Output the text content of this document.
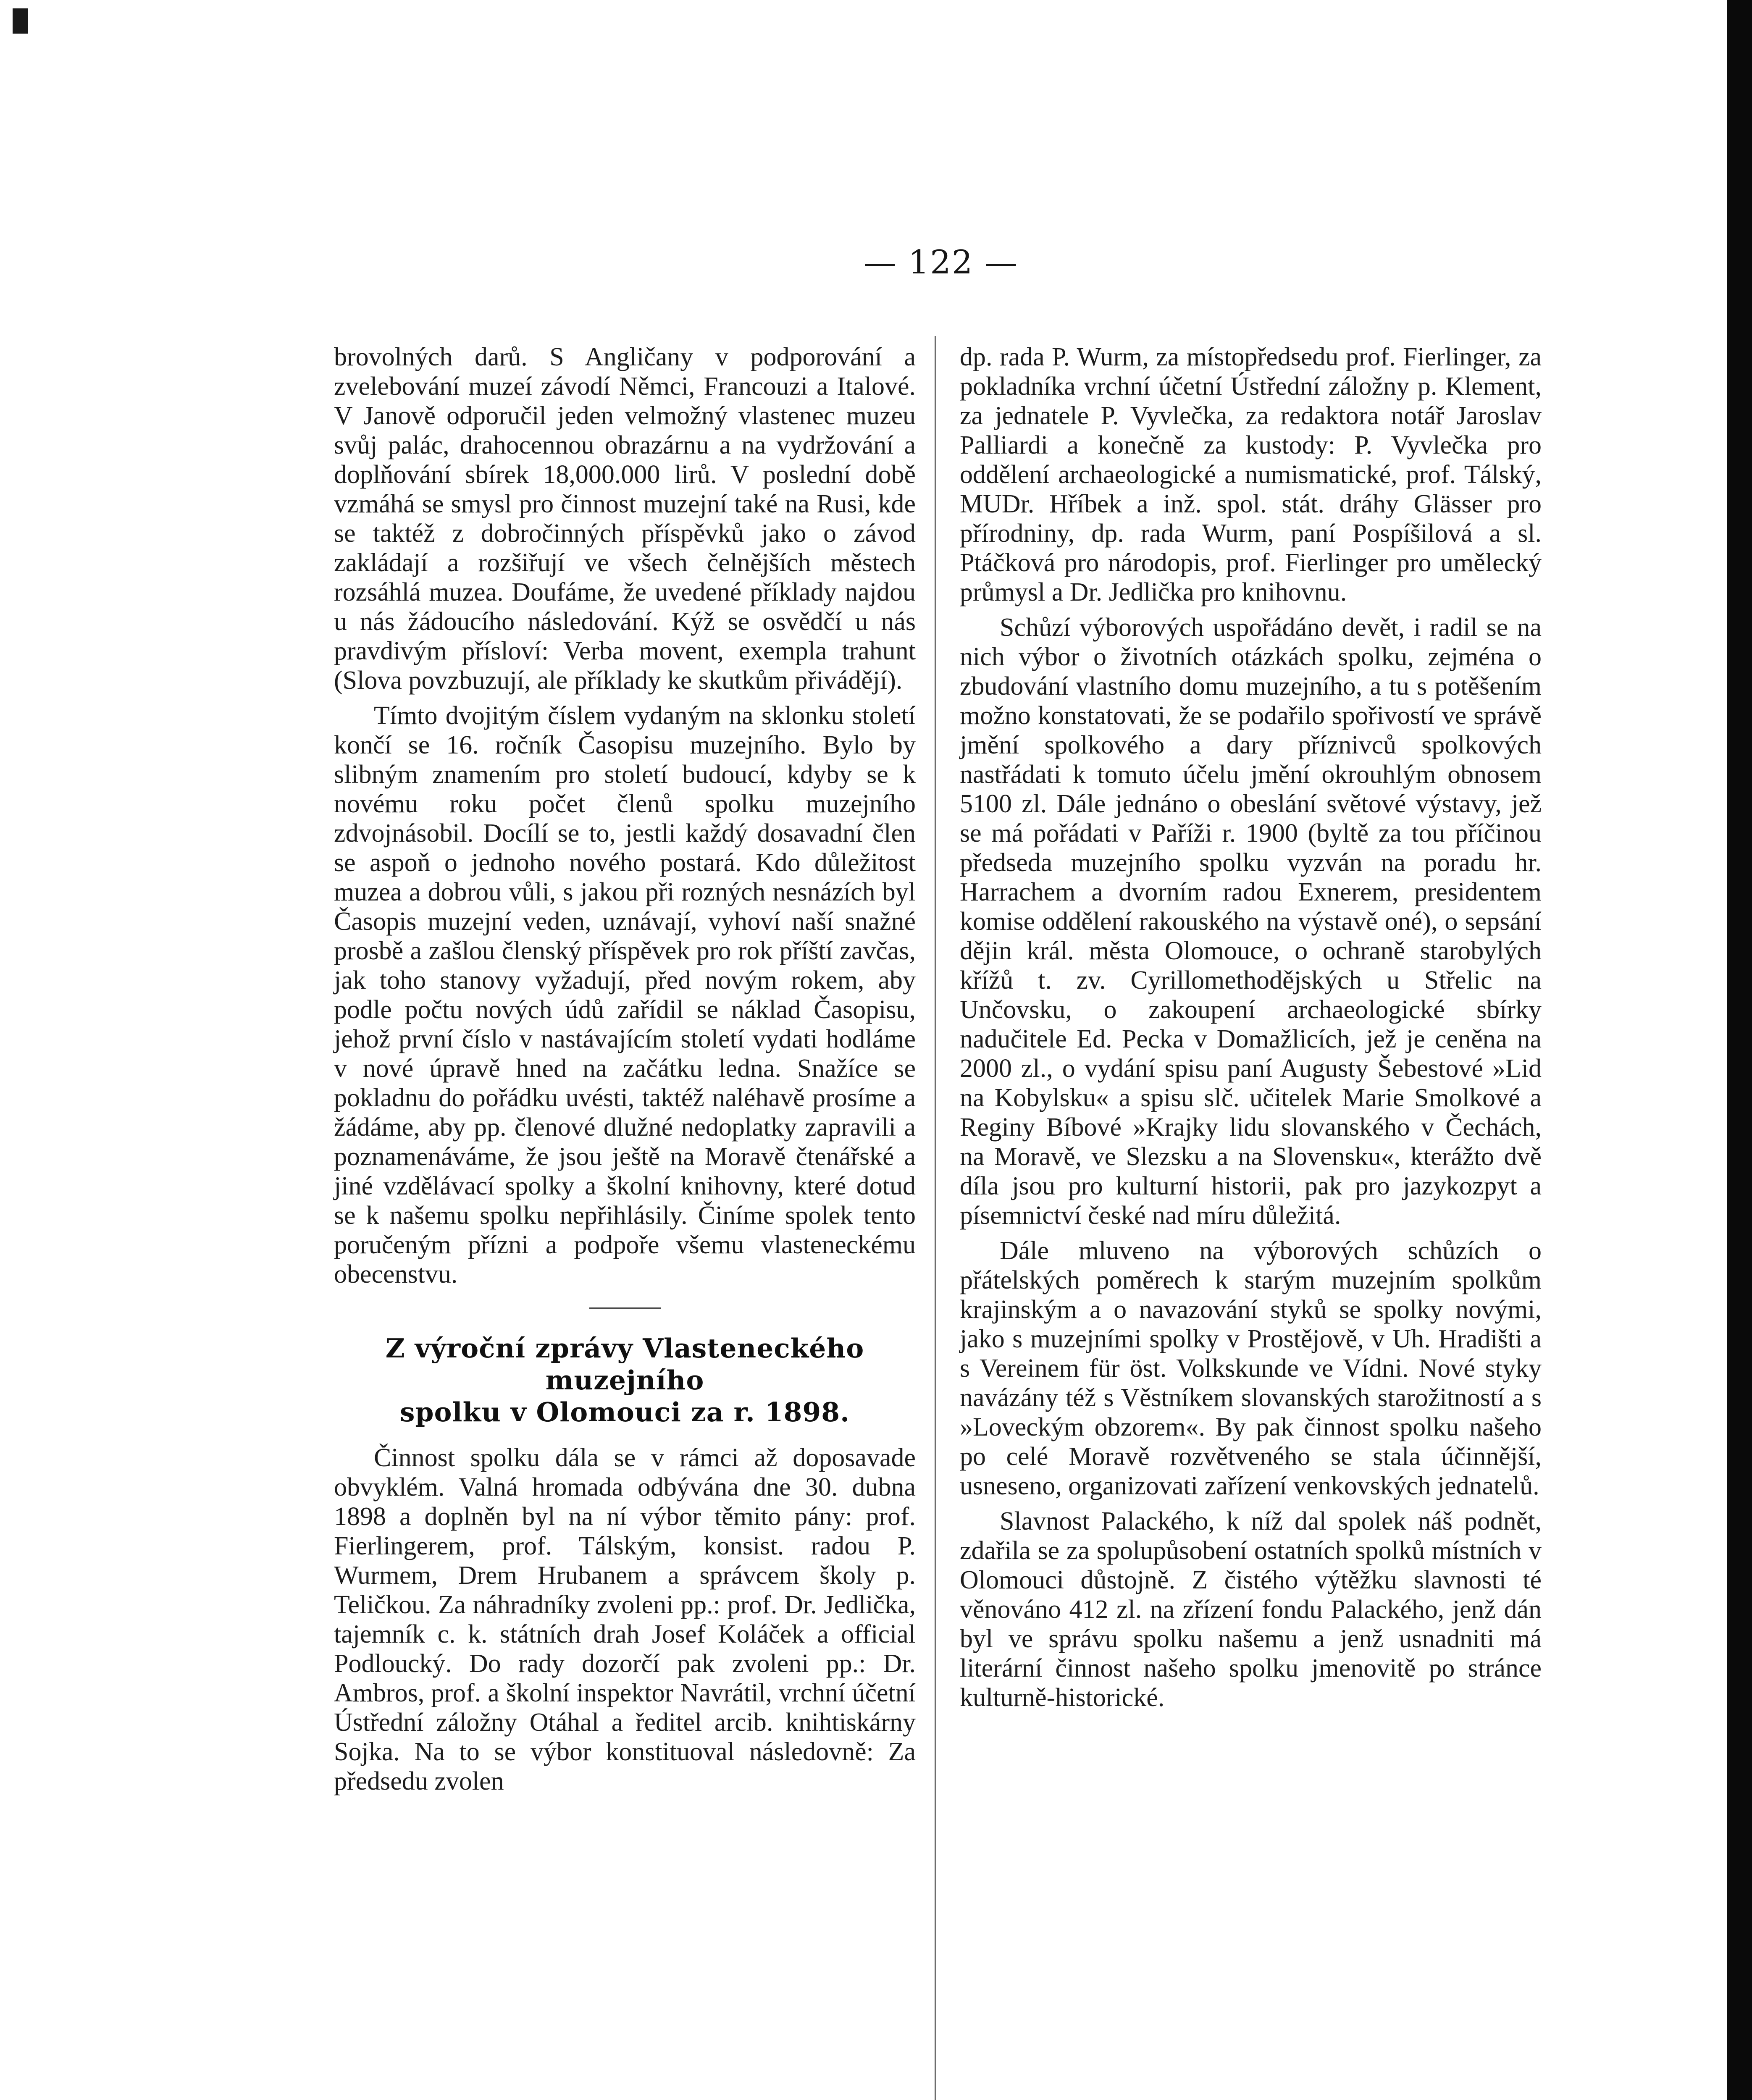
— 122 —

brovolných darů. S Angličany v podporování a zvelebování muzeí závodí Němci, Francouzi a Italové. V Janově odporučil jeden velmožný vlastenec muzeu svůj palác, drahocennou obrazárnu a na vydržování a doplňování sbírek 18,000.000 lirů. V poslední době vzmáhá se smysl pro činnost muzejní také na Rusi, kde se taktéž z dobročinných příspěvků jako o závod zakládají a rozšiřují ve všech čelnějších městech rozsáhlá muzea. Doufáme, že uvedené příklady najdou u nás žádoucího následování. Kýž se osvědčí u nás pravdivým přísloví: Verba movent, exempla trahunt (Slova povzbuzují, ale příklady ke skutkům přivádějí).

Tímto dvojitým číslem vydaným na sklonku století končí se 16. ročník Časopisu muzejního. Bylo by slibným znamením pro století budoucí, kdyby se k novému roku počet členů spolku muzejního zdvojnásobil. Docílí se to, jestli každý dosavadní člen se aspoň o jednoho nového postará. Kdo důležitost muzea a dobrou vůli, s jakou při rozných nesnázích byl Časopis muzejní veden, uznávají, vyhoví naší snažné prosbě a zašlou členský příspěvek pro rok příští zavčas, jak toho stanovy vyžadují, před novým rokem, aby podle počtu nových údů zařídil se náklad Časopisu, jehož první číslo v nastávajícím století vydati hodláme v nové úpravě hned na začátku ledna. Snažíce se pokladnu do pořádku uvésti, taktéž naléhavě prosíme a žádáme, aby pp. členové dlužné nedoplatky zapravili a poznamenáváme, že jsou ještě na Moravě čtenářské a jiné vzdělávací spolky a školní knihovny, které dotud se k našemu spolku nepřihlásily. Činíme spolek tento poručeným přízni a podpoře všemu vlasteneckému obecenstvu.

Z výroční zprávy Vlasteneckého muzejního
spolku v Olomouci za r. 1898.

Činnost spolku dála se v rámci až doposavade obvyklém. Valná hromada odbývána dne 30. dubna 1898 a doplněn byl na ní výbor těmito pány: prof. Fierlingerem, prof. Tálským, konsist. radou P. Wurmem, Drem Hrubanem a správcem školy p. Teličkou. Za náhradníky zvoleni pp.: prof. Dr. Jedlička, tajemník c. k. státních drah Josef Koláček a official Podloucký. Do rady dozorčí pak zvoleni pp.: Dr. Ambros, prof. a školní inspektor Navrátil, vrchní účetní Ústřední záložny Otáhal a ředitel arcib. knihtiskárny Sojka. Na to se výbor konstituoval následovně: Za předsedu zvolen

dp. rada P. Wurm, za místopředsedu prof. Fierlinger, za pokladníka vrchní účetní Ústřední záložny p. Klement, za jednatele P. Vyvlečka, za redaktora notář Jaroslav Palliardi a konečně za kustody: P. Vyvlečka pro oddělení archaeologické a numismatické, prof. Tálský, MUDr. Hříbek a inž. spol. stát. dráhy Glässer pro přírodniny, dp. rada Wurm, paní Pospíšilová a sl. Ptáčková pro národopis, prof. Fierlinger pro umělecký průmysl a Dr. Jedlička pro knihovnu.

Schůzí výborových uspořádáno devět, i radil se na nich výbor o životních otázkách spolku, zejména o zbudování vlastního domu muzejního, a tu s potěšením možno konstatovati, že se podařilo spořivostí ve správě jmění spolkového a dary příznivců spolkových nastřádati k tomuto účelu jmění okrouhlým obnosem 5100 zl. Dále jednáno o obeslání světové výstavy, jež se má pořádati v Paříži r. 1900 (byltě za tou příčinou předseda muzejního spolku vyzván na poradu hr. Harrachem a dvorním radou Exnerem, presidentem komise oddělení rakouského na výstavě oné), o sepsání dějin král. města Olomouce, o ochraně starobylých křížů t. zv. Cyrillomethodějských u Střelic na Unčovsku, o zakoupení archaeologické sbírky nadučitele Ed. Pecka v Domažlicích, jež je ceněna na 2000 zl., o vydání spisu paní Augusty Šebestové »Lid na Kobylsku« a spisu slč. učitelek Marie Smolkové a Reginy Bíbové »Krajky lidu slovanského v Čechách, na Moravě, ve Slezsku a na Slovensku«, kterážto dvě díla jsou pro kulturní historii, pak pro jazykozpyt a písemnictví české nad míru důležitá.

Dále mluveno na výborových schůzích o přátelských poměrech k starým muzejním spolkům krajinským a o navazování styků se spolky novými, jako s muzejními spolky v Prostějově, v Uh. Hradišti a s Vereinem für öst. Volkskunde ve Vídni. Nové styky navázány též s Věstníkem slovanských starožitností a s »Loveckým obzorem«. By pak činnost spolku našeho po celé Moravě rozvětveného se stala účinnější, usneseno, organizovati zařízení venkovských jednatelů.

Slavnost Palackého, k níž dal spolek náš podnět, zdařila se za spolupůsobení ostatních spolků místních v Olomouci důstojně. Z čistého výtěžku slavnosti té věnováno 412 zl. na zřízení fondu Palackého, jenž dán byl ve správu spolku našemu a jenž usnadniti má literární činnost našeho spolku jmenovitě po stránce kulturně-historické.
